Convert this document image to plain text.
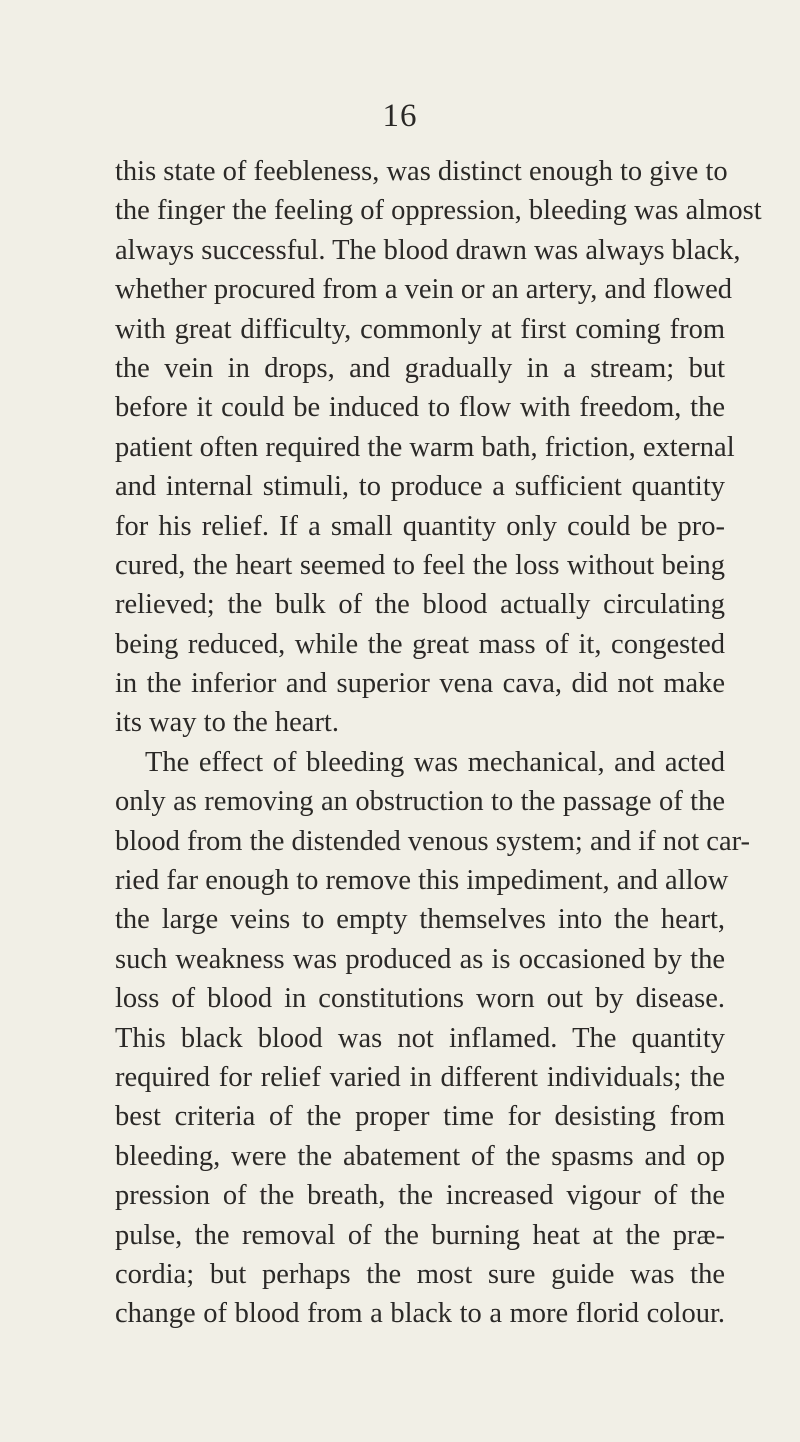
16
this state of feebleness, was distinct enough to give to
the finger the feeling of oppression, bleeding was almost
always successful. The blood drawn was always black,
whether procured from a vein or an artery, and flowed
with great difficulty, commonly at first coming from
the vein in drops, and gradually in a stream; but
before it could be induced to flow with freedom, the
patient often required the warm bath, friction, external
and internal stimuli, to produce a sufficient quantity
for his relief. If a small quantity only could be pro-
cured, the heart seemed to feel the loss without being
relieved; the bulk of the blood actually circulating
being reduced, while the great mass of it, congested
in the inferior and superior vena cava, did not make
its way to the heart.
The effect of bleeding was mechanical, and acted
only as removing an obstruction to the passage of the
blood from the distended venous system; and if not car-
ried far enough to remove this impediment, and allow
the large veins to empty themselves into the heart,
such weakness was produced as is occasioned by the
loss of blood in constitutions worn out by disease.
This black blood was not inflamed. The quantity
required for relief varied in different individuals; the
best criteria of the proper time for desisting from
bleeding, were the abatement of the spasms and op
pression of the breath, the increased vigour of the
pulse, the removal of the burning heat at the præ-
cordia; but perhaps the most sure guide was the
change of blood from a black to a more florid colour.
